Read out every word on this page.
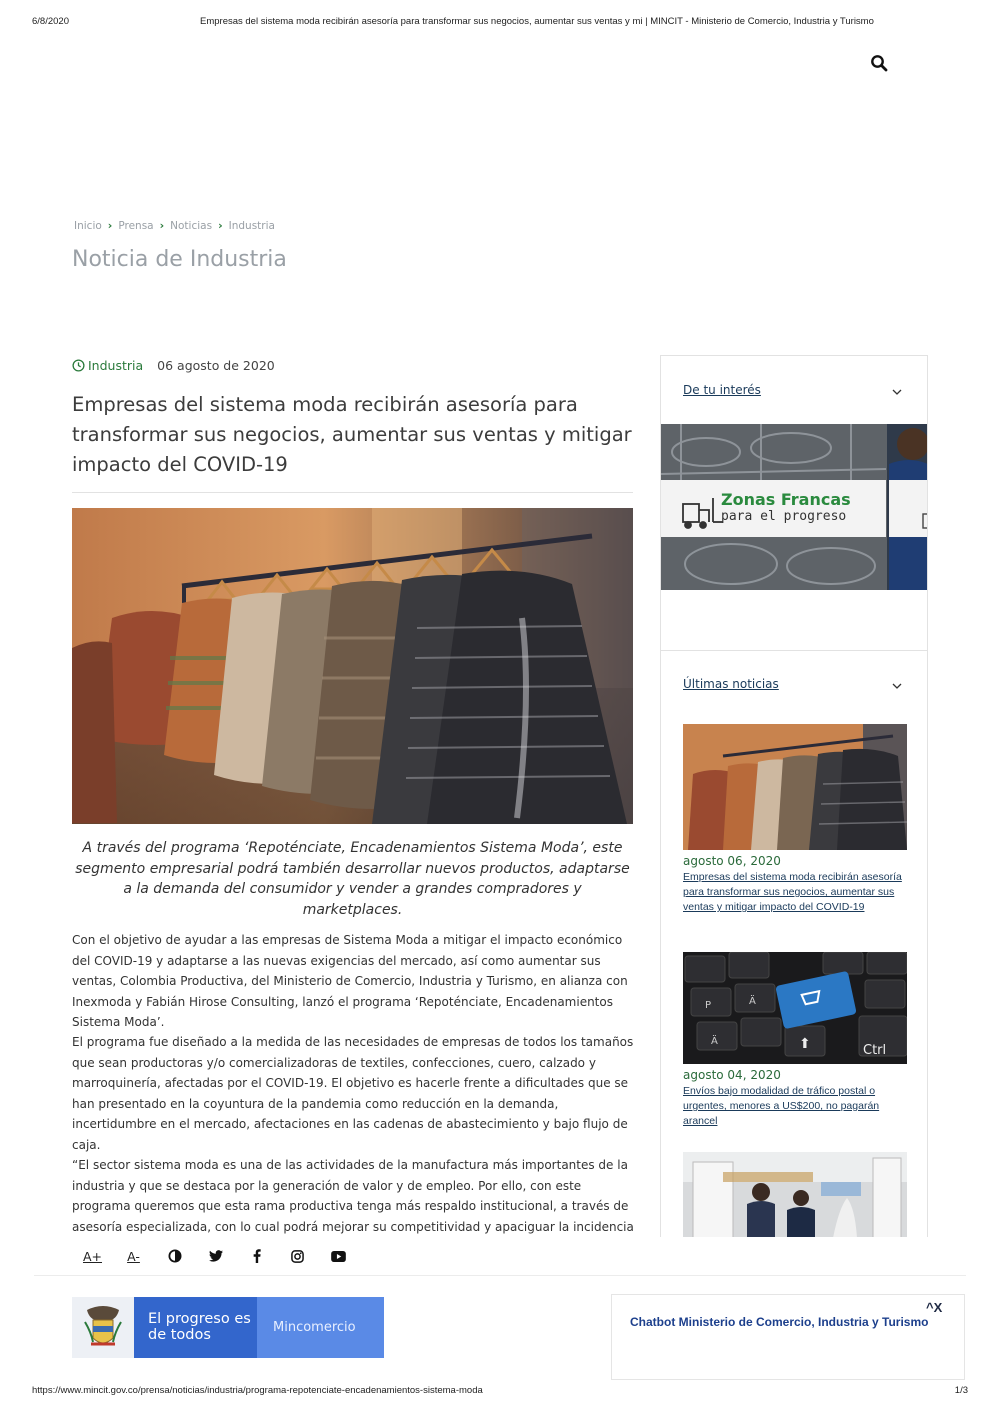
6/8/2020	Empresas del sistema moda recibirán asesoría para transformar sus negocios, aumentar sus ventas y mi | MINCIT - Ministerio de Comercio, Industria y Turismo
Inicio › Prensa › Noticias › Industria
Noticia de Industria
Industria 06 agosto de 2020
Empresas del sistema moda recibirán asesoría para transformar sus negocios, aumentar sus ventas y mitigar impacto del COVID-19

A través del programa ‘Repoténciate, Encadenamientos Sistema Moda’, este segmento empresarial podrá también desarrollar nuevos productos, adaptarse a la demanda del consumidor y vender a grandes compradores y marketplaces.

Con el objetivo de ayudar a las empresas de Sistema Moda a mitigar el impacto económico del COVID-19 y adaptarse a las nuevas exigencias del mercado, así como aumentar sus ventas, Colombia Productiva, del Ministerio de Comercio, Industria y Turismo, en alianza con Inexmoda y Fabián Hirose Consulting, lanzó el programa ‘Repoténciate, Encadenamientos Sistema Moda’.

El programa fue diseñado a la medida de las necesidades de empresas de todos los tamaños que sean productoras y/o comercializadoras de textiles, confecciones, cuero, calzado y marroquinería, afectadas por el COVID-19. El objetivo es hacerle frente a dificultades que se han presentado en la coyuntura de la pandemia como reducción en la demanda, incertidumbre en el mercado, afectaciones en las cadenas de abastecimiento y bajo flujo de caja.

“El sector sistema moda es una de las actividades de la manufactura más importantes de la industria y que se destaca por la generación de valor y de empleo. Por ello, con este programa queremos que esta rama productiva tenga más respaldo institucional, a través de asesoría especializada, con lo cual podrá mejorar su competitividad y apaciguar la incidencia

A+ A-
De tu interés
Zonas Francas
para el progreso
Últimas noticias
agosto 06, 2020
Empresas del sistema moda recibirán asesoría para transformar sus negocios, aumentar sus ventas y mitigar impacto del COVID-19
P	Ä
Ä	⬆	Ctrl
agosto 04, 2020
Envíos bajo modalidad de tráfico postal o urgentes, menores a US$200, no pagarán arancel
El progreso es de todos	Mincomercio	Chatbot Ministerio de Comercio, Industria y Turismo
^X
https://www.mincit.gov.co/prensa/noticias/industria/programa-repotenciate-encadenamientos-sistema-moda	1/3
